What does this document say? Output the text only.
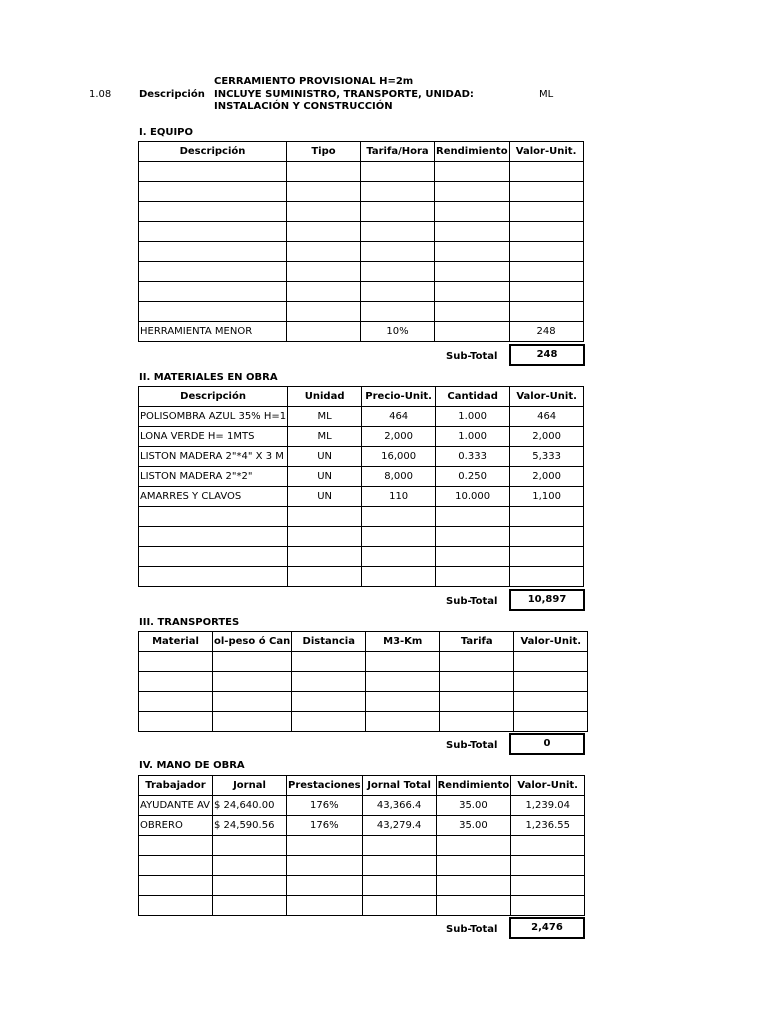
1.08	Descripción
CERRAMIENTO PROVISIONAL H=2m
INCLUYE SUMINISTRO, TRANSPORTE, UNIDAD:
INSTALACIÓN Y CONSTRUCCIÓN
ML
I. EQUIPO
Descripción	Tipo	Tarifa/Hora	Rendimiento	Valor-Unit.

HERRAMIENTA MENOR		10%		248
Sub-Total	248
II. MATERIALES EN OBRA
Descripción	Unidad	Precio-Unit.	Cantidad	Valor-Unit.
POLISOMBRA AZUL 35% H=1	ML	464	1.000	464
LONA VERDE H= 1MTS	ML	2,000	1.000	2,000
LISTON MADERA 2"*4" X 3 M	UN	16,000	0.333	5,333
LISTON MADERA 2"*2"	UN	8,000	0.250	2,000
AMARRES Y CLAVOS	UN	110	10.000	1,100

Sub-Total	10,897
III. TRANSPORTES
Material	ol-peso ó Can	Distancia	M3-Km	Tarifa	Valor-Unit.

Sub-Total	0
IV. MANO DE OBRA
Trabajador	Jornal	Prestaciones	Jornal Total	Rendimiento	Valor-Unit.
AYUDANTE AV	$ 24,640.00	176%	43,366.4	35.00	1,239.04
OBRERO	$ 24,590.56	176%	43,279.4	35.00	1,236.55

Sub-Total	2,476
